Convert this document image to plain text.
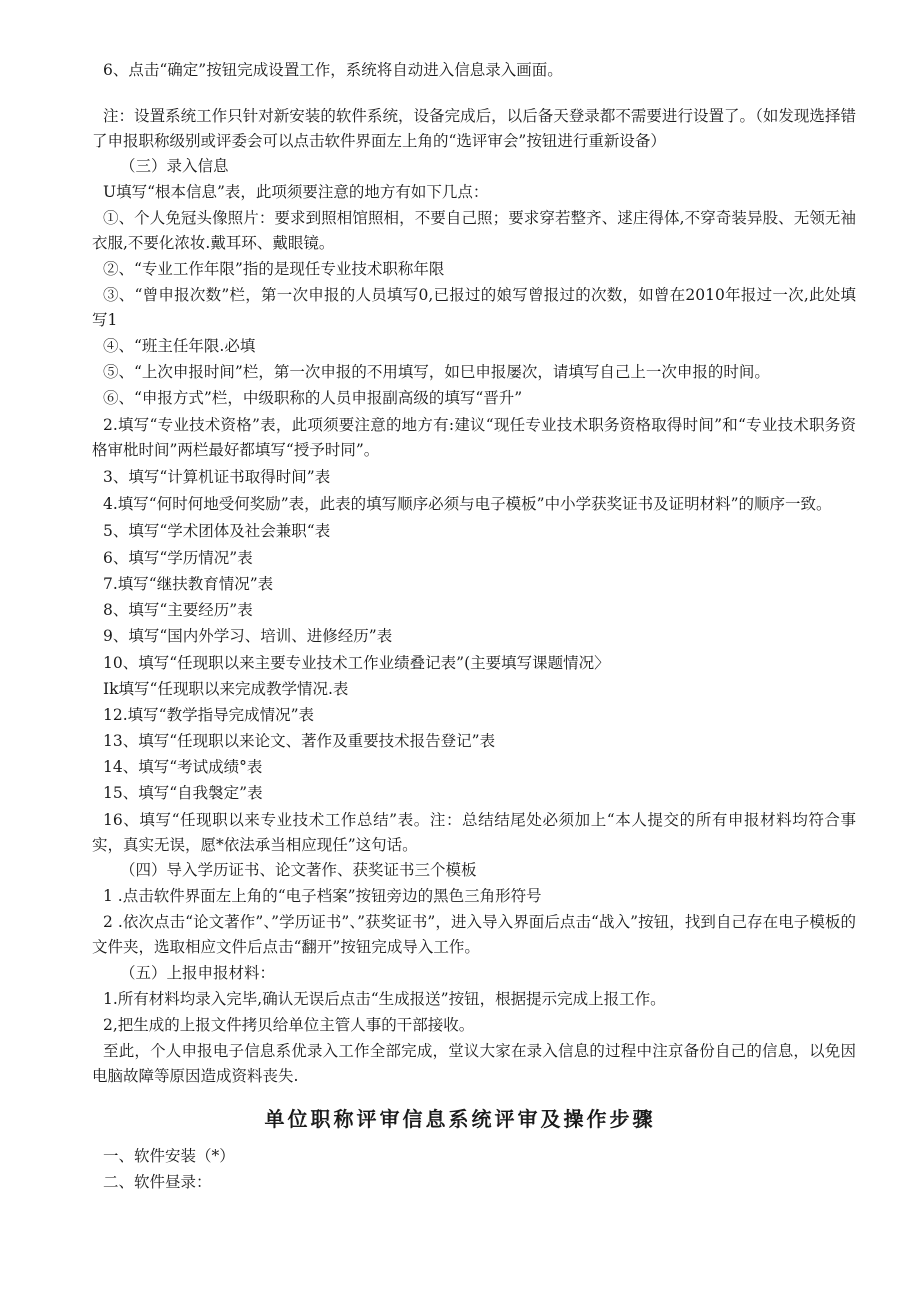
6、点击“确定”按钮完成设置工作，系统将自动进入信息录入画面。

注：设置系统工作只针对新安装的软件系统，设备完成后，以后备天登录都不需要进行设置了。（如发现选择错了申报职称级别或评委会可以点击软件界面左上角的“选评审会”按钮进行重新设备）

（三）录入信息

U填写“根本信息”表，此项须要注意的地方有如下几点：

①、个人免冠头像照片：要求到照相馆照相，不要自己照；要求穿若整齐、逑庄得体,不穿奇装异股、无领无袖衣服,不要化浓妆.戴耳环、戴眼镜。

②、“专业工作年限”指的是现任专业技术职称年限

③、“曾申报次数”栏，第一次申报的人员填写0,已报过的娘写曾报过的次数，如曾在2010年报过一次,此处填写1

④、“班主任年限.必填

⑤、“上次申报时间”栏，第一次申报的不用填写，如巳申报屡次，请填写自己上一次申报的时间。

⑥、“申报方式”栏，中级职称的人员申报副高级的填写“晋升”

2.填写“专业技术资格”表，此项须要注意的地方有:建议“现任专业技术职务资格取得时间”和“专业技术职务资格审枇时间”两栏最好都填写“授予时同”。

3、填写“计算机证书取得时间”表

4.填写“何时何地受何奖励”表，此表的填写顺序必须与电子模板”中小学获奖证书及证明材料”的顺序一致。

5、填写“学术团体及社会兼职“表

6、填写“学历情况”表

7.填写“继扶教育情况”表

8、填写“主要经历”表

9、填写“国内外学习、培训、进修经历”表

10、填写“任现职以来主要专业技术工作业绩叠记表”(主要填写课题情况〉

Ik填写“任现职以来完成教学情况.表

12.填写“教学指导完成情况”表

13、填写“任现职以来论文、著作及重要技术报告登记”表

14、填写“考试成绩°表

15、填写“自我褩定”表

16、填写“任现职以来专业技术工作总结”表。注：总结结尾处必须加上“本人提交的所有申报材料均符合事实，真实无误，愿*依法承当相应现任”这句话。

（四）导入学历证书、论文著作、获奖证书三个模板

1 .点击软件界面左上角的“电子档案”按钮旁边的黑色三角形符号

2 .依次点击“论文著作”、”学历证书”、”获奖证书”，进入导入界面后点击“战入”按钮，找到自己存在电子模板的文件夹，选取相应文件后点击“翻开”按钮完成导入工作。

（五）上报申报材料：

1.所有材料均录入完毕,确认无误后点击“生成报送”按钮，根据提示完成上报工作。

2,把生成的上报文件拷贝给单位主管人事的干部接收。

至此，个人申报电子信息系优录入工作全部完成，堂议大家在录入信息的过程中注京备份自己的信息，以免因电脑故障等原因造成资料丧失.

单位职称评审信息系统评审及操作步骤

一、软件安装（*）

二、软件昼录：
